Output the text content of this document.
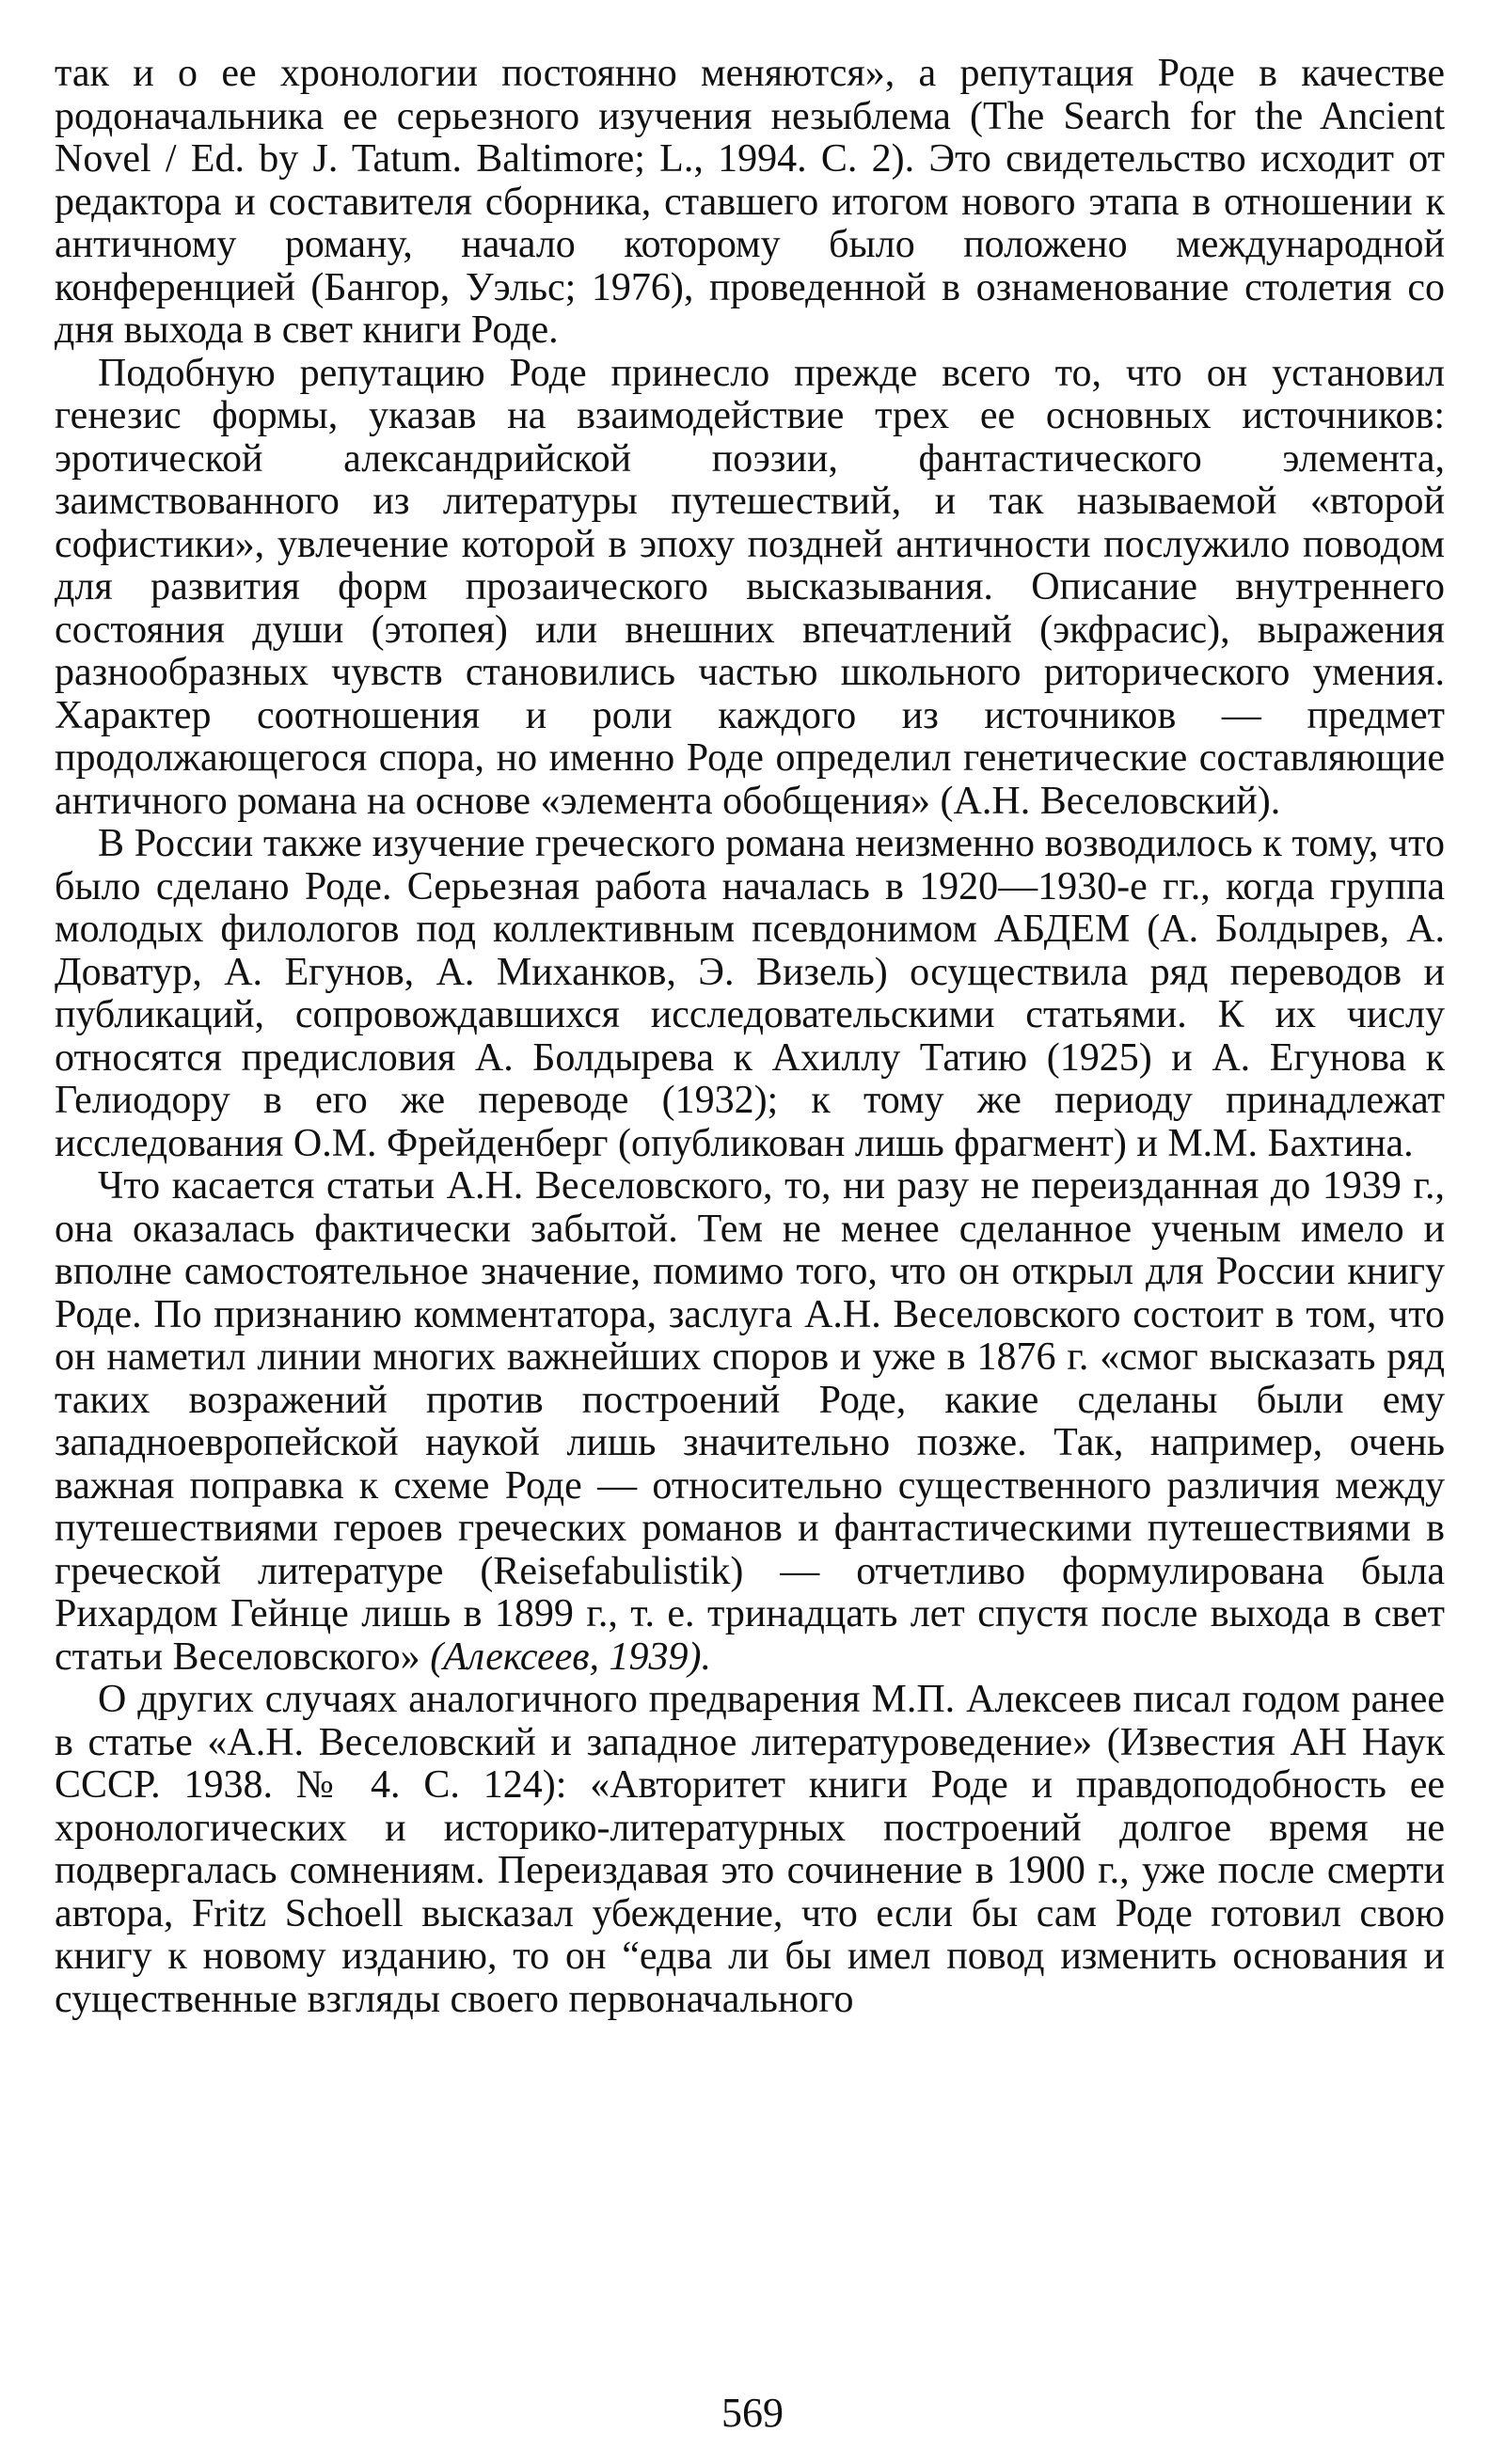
так и о ее хронологии постоянно меняются», а репутация Роде в качестве родоначальника ее серьезного изучения незыблема (The Search for the Ancient Novel / Ed. by J. Tatum. Baltimore; L., 1994. C. 2). Это свидетельство исходит от редактора и составителя сборника, ставшего итогом нового этапа в отношении к античному роману, начало которому было положено международной конференцией (Бангор, Уэльс; 1976), проведенной в ознаменование столетия со дня выхода в свет книги Роде.

Подобную репутацию Роде принесло прежде всего то, что он установил генезис формы, указав на взаимодействие трех ее основных источников: эротической александрийской поэзии, фантастического элемента, заимствованного из литературы путешествий, и так называемой «второй софистики», увлечение которой в эпоху поздней античности послужило поводом для развития форм прозаического высказывания. Описание внутреннего состояния души (этопея) или внешних впечатлений (экфрасис), выражения разнообразных чувств становились частью школьного риторического умения. Характер соотношения и роли каждого из источников — предмет продолжающегося спора, но именно Роде определил генетические составляющие античного романа на основе «элемента обобщения» (А.Н. Веселовский).

В России также изучение греческого романа неизменно возводилось к тому, что было сделано Роде. Серьезная работа началась в 1920—1930-е гг., когда группа молодых филологов под коллективным псевдонимом АБДЕМ (А. Болдырев, А. Доватур, А. Егунов, А. Миханков, Э. Визель) осуществила ряд переводов и публикаций, сопровождавшихся исследовательскими статьями. К их числу относятся предисловия А. Болдырева к Ахиллу Татию (1925) и А. Егунова к Гелиодору в его же переводе (1932); к тому же периоду принадлежат исследования О.М. Фрейденберг (опубликован лишь фрагмент) и М.М. Бахтина.

Что касается статьи А.Н. Веселовского, то, ни разу не переизданная до 1939 г., она оказалась фактически забытой. Тем не менее сделанное ученым имело и вполне самостоятельное значение, помимо того, что он открыл для России книгу Роде. По признанию комментатора, заслуга А.Н. Веселовского состоит в том, что он наметил линии многих важнейших споров и уже в 1876 г. «смог высказать ряд таких возражений против построений Роде, какие сделаны были ему западноевропейской наукой лишь значительно позже. Так, например, очень важная поправка к схеме Роде — относительно существенного различия между путешествиями героев греческих романов и фантастическими путешествиями в греческой литературе (Reisefabulistik) — отчетливо формулирована была Рихардом Гейнце лишь в 1899 г., т. е. тринадцать лет спустя после выхода в свет статьи Веселовского» (Алексеев, 1939).

О других случаях аналогичного предварения М.П. Алексеев писал годом ранее в статье «А.Н. Веселовский и западное литературоведение» (Известия АН Наук СССР. 1938. № 4. С. 124): «Авторитет книги Роде и правдоподобность ее хронологических и историко-литературных построений долгое время не подвергалась сомнениям. Переиздавая это сочинение в 1900 г., уже после смерти автора, Fritz Schoell высказал убеждение, что если бы сам Роде готовил свою книгу к новому изданию, то он “едва ли бы имел повод изменить основания и существенные взгляды своего первоначального

569
